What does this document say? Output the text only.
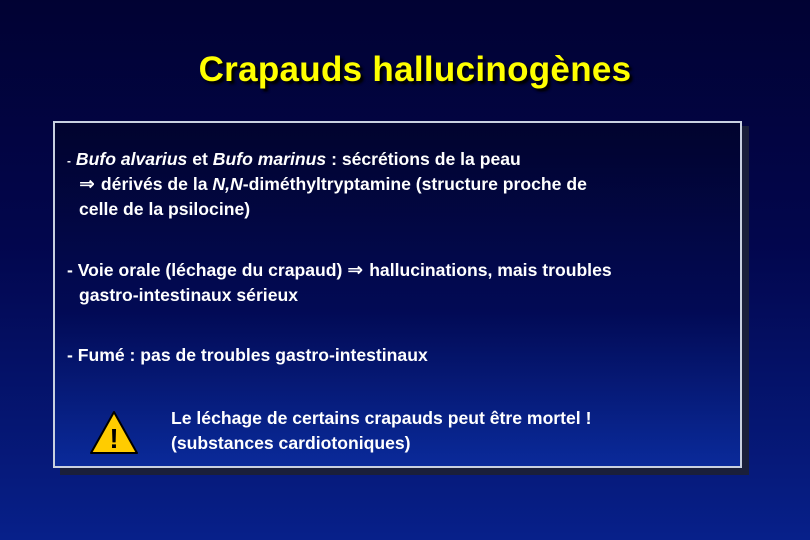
Crapauds hallucinogènes
- Bufo alvarius et Bufo marinus : sécrétions de la peau
⇒ dérivés de la N,N-diméthyltryptamine (structure proche de
celle de la psilocine)
- Voie orale (léchage du crapaud) ⇒ hallucinations, mais troubles
gastro-intestinaux sérieux
- Fumé : pas de troubles gastro-intestinaux
!
Le léchage de certains crapauds peut être mortel !
(substances cardiotoniques)
